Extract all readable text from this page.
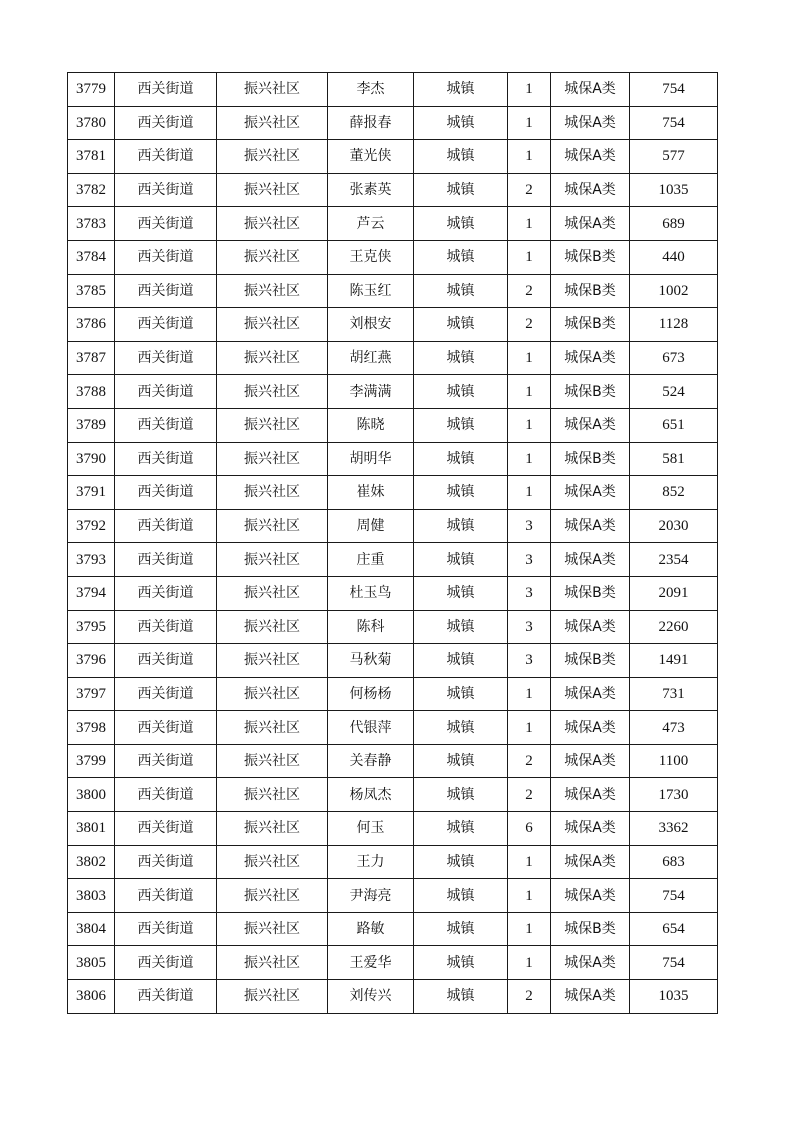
3779	西关街道	振兴社区	李杰	城镇	1	城保A类	754
3780	西关街道	振兴社区	薛报春	城镇	1	城保A类	754
3781	西关街道	振兴社区	董光侠	城镇	1	城保A类	577
3782	西关街道	振兴社区	张素英	城镇	2	城保A类	1035
3783	西关街道	振兴社区	芦云	城镇	1	城保A类	689
3784	西关街道	振兴社区	王克侠	城镇	1	城保B类	440
3785	西关街道	振兴社区	陈玉红	城镇	2	城保B类	1002
3786	西关街道	振兴社区	刘根安	城镇	2	城保B类	1128
3787	西关街道	振兴社区	胡红燕	城镇	1	城保A类	673
3788	西关街道	振兴社区	李满满	城镇	1	城保B类	524
3789	西关街道	振兴社区	陈晓	城镇	1	城保A类	651
3790	西关街道	振兴社区	胡明华	城镇	1	城保B类	581
3791	西关街道	振兴社区	崔妹	城镇	1	城保A类	852
3792	西关街道	振兴社区	周健	城镇	3	城保A类	2030
3793	西关街道	振兴社区	庄重	城镇	3	城保A类	2354
3794	西关街道	振兴社区	杜玉鸟	城镇	3	城保B类	2091
3795	西关街道	振兴社区	陈科	城镇	3	城保A类	2260
3796	西关街道	振兴社区	马秋菊	城镇	3	城保B类	1491
3797	西关街道	振兴社区	何杨杨	城镇	1	城保A类	731
3798	西关街道	振兴社区	代银萍	城镇	1	城保A类	473
3799	西关街道	振兴社区	关春静	城镇	2	城保A类	1100
3800	西关街道	振兴社区	杨凤杰	城镇	2	城保A类	1730
3801	西关街道	振兴社区	何玉	城镇	6	城保A类	3362
3802	西关街道	振兴社区	王力	城镇	1	城保A类	683
3803	西关街道	振兴社区	尹海亮	城镇	1	城保A类	754
3804	西关街道	振兴社区	路敏	城镇	1	城保B类	654
3805	西关街道	振兴社区	王爱华	城镇	1	城保A类	754
3806	西关街道	振兴社区	刘传兴	城镇	2	城保A类	1035
